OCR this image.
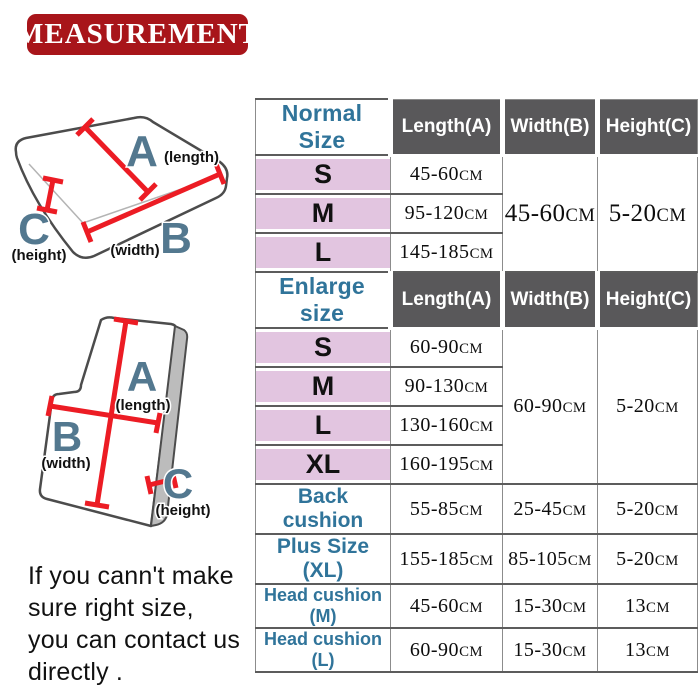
MEASUREMENT
A (length)
B
(width)
C
(height)
A
(length)
B
(width) C
(height)
If you cann't make
sure right size,
you can contact us
directly .
Normal Size	Length(A)	Width(B)	Height(C)
S	45-60CM	45-60CM	5-20CM
M	95-120CM		
L	145-185CM		
Enlarge size	Length(A)	Width(B)	Height(C)
S	60-90CM	60-90CM	5-20CM
M	90-130CM		
L	130-160CM		
XL	160-195CM		
Back cushion	55-85CM	25-45CM	5-20CM
Plus Size (XL)	155-185CM	85-105CM	5-20CM
Head cushion (M)	45-60CM	15-30CM	13CM
Head cushion (L)	60-90CM	15-30CM	13CM
